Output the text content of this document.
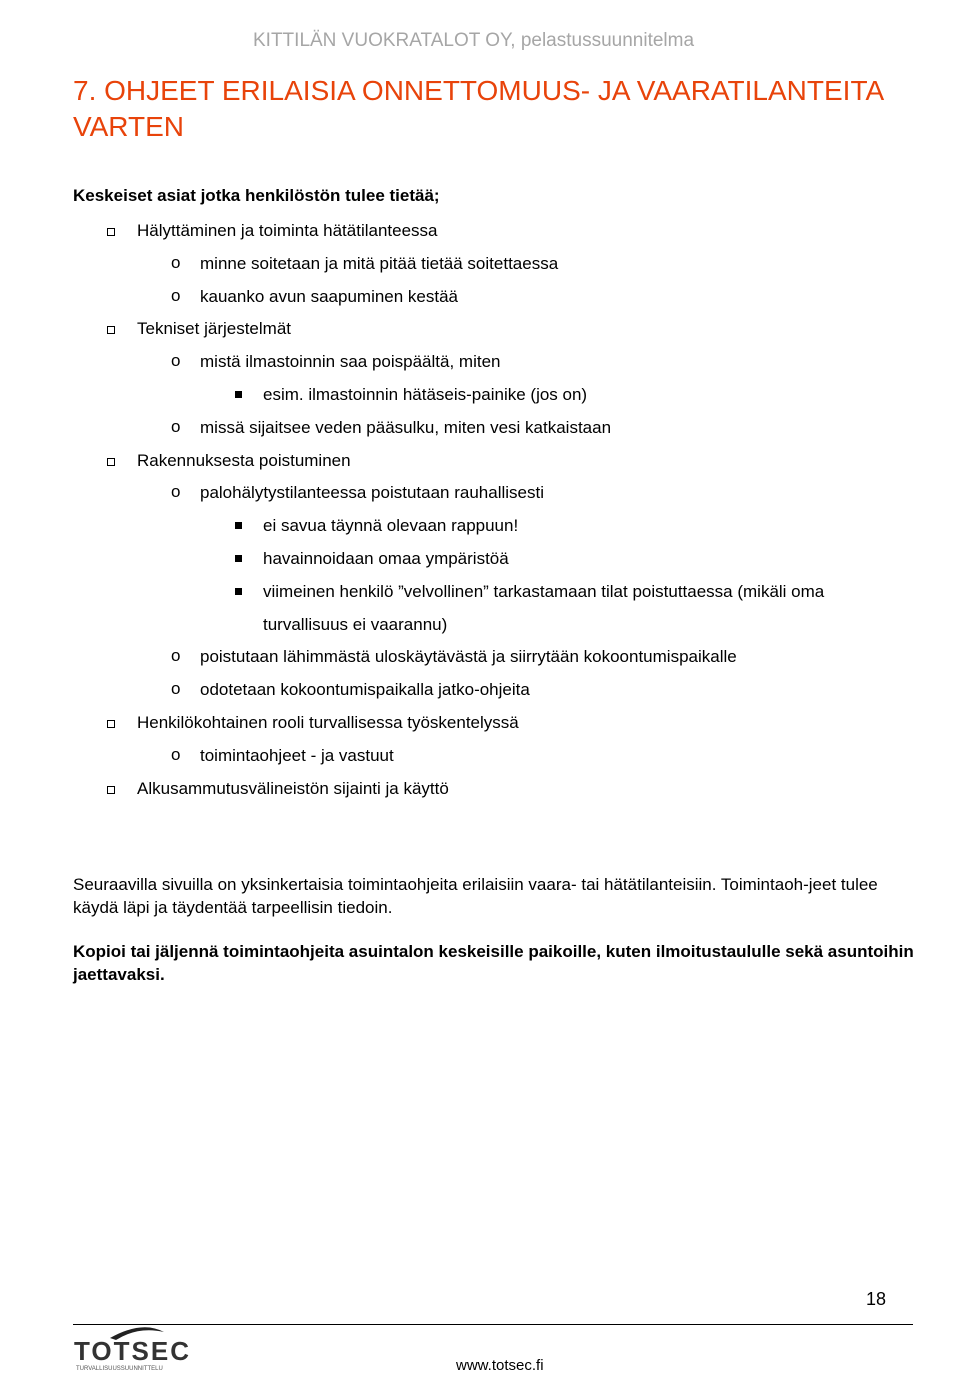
KITTILÄN VUOKRATALOT OY, pelastussuunnitelma
7. OHJEET ERILAISIA ONNETTOMUUS- JA VAARATILANTEITA VARTEN
Keskeiset asiat jotka henkilöstön tulee tietää;
Hälyttäminen ja toiminta hätätilanteessa
o minne soitetaan ja mitä pitää tietää soitettaessa
o kauanko avun saapuminen kestää
Tekniset järjestelmät
o mistä ilmastoinnin saa poispäältä, miten
esim. ilmastoinnin hätäseis-painike (jos on)
o missä sijaitsee veden pääsulku, miten vesi katkaistaan
Rakennuksesta poistuminen
o palohälytystilanteessa poistutaan rauhallisesti
ei savua täynnä olevaan rappuun!
havainnoidaan omaa ympäristöä
viimeinen henkilö ”velvollinen” tarkastamaan tilat poistuttaessa (mikäli oma
turvallisuus ei vaarannu)
o poistutaan lähimmästä uloskäytävästä ja siirrytään kokoontumispaikalle
o odotetaan kokoontumispaikalla jatko-ohjeita
Henkilökohtainen rooli turvallisessa työskentelyssä
o toimintaohjeet - ja vastuut
Alkusammutusvälineistön sijainti ja käyttö
Seuraavilla sivuilla on yksinkertaisia toimintaohjeita erilaisiin vaara- tai hätätilanteisiin. Toimintaoh-jeet tulee käydä läpi ja täydentää tarpeellisin tiedoin.
Kopioi tai jäljennä toimintaohjeita asuintalon keskeisille paikoille, kuten ilmoitustaululle sekä asuntoihin jaettavaksi.
18
TOTSEC
TURVALLISUUSSUUNNITTELU	www.totsec.fi
